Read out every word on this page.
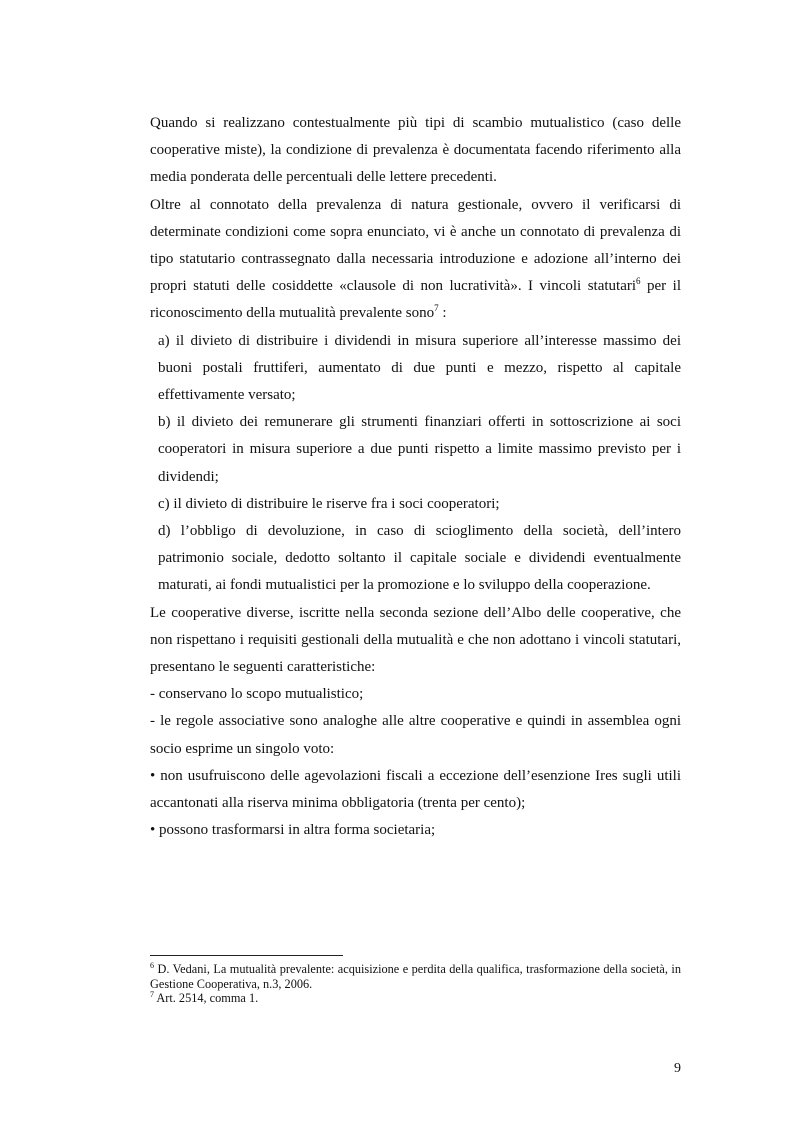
Quando si realizzano contestualmente più tipi di scambio mutualistico (caso delle cooperative miste), la condizione di prevalenza è documentata facendo riferimento alla media ponderata delle percentuali delle lettere precedenti.

Oltre al connotato della prevalenza di natura gestionale, ovvero il verificarsi di determinate condizioni come sopra enunciato, vi è anche un connotato di prevalenza di tipo statutario contrassegnato dalla necessaria introduzione e adozione all’interno dei propri statuti delle cosiddette «clausole di non lucratività». I vincoli statutari$^6$ per il riconoscimento della mutualità prevalente sono$^7$ :

a) il divieto di distribuire i dividendi in misura superiore all’interesse massimo dei buoni postali fruttiferi, aumentato di due punti e mezzo, rispetto al capitale effettivamente versato;

b) il divieto dei remunerare gli strumenti finanziari offerti in sottoscrizione ai soci cooperatori in misura superiore a due punti rispetto a limite massimo previsto per i dividendi;

c) il divieto di distribuire le riserve fra i soci cooperatori;

d) l’obbligo di devoluzione, in caso di scioglimento della società, dell’intero patrimonio sociale, dedotto soltanto il capitale sociale e dividendi eventualmente maturati, ai fondi mutualistici per la promozione e lo sviluppo della cooperazione.

Le cooperative diverse, iscritte nella seconda sezione dell’Albo delle cooperative, che non rispettano i requisiti gestionali della mutualità e che non adottano i vincoli statutari, presentano le seguenti caratteristiche:

- conservano lo scopo mutualistico;

- le regole associative sono analoghe alle altre cooperative e quindi in assemblea ogni socio esprime un singolo voto:

• non usufruiscono delle agevolazioni fiscali a eccezione dell’esenzione Ires sugli utili accantonati alla riserva minima obbligatoria (trenta per cento);

• possono trasformarsi in altra forma societaria;

$^6$ D. Vedani, La mutualità prevalente: acquisizione e perdita della qualifica, trasformazione della società, in Gestione Cooperativa, n.3, 2006.

$^7$ Art. 2514, comma 1.

9
